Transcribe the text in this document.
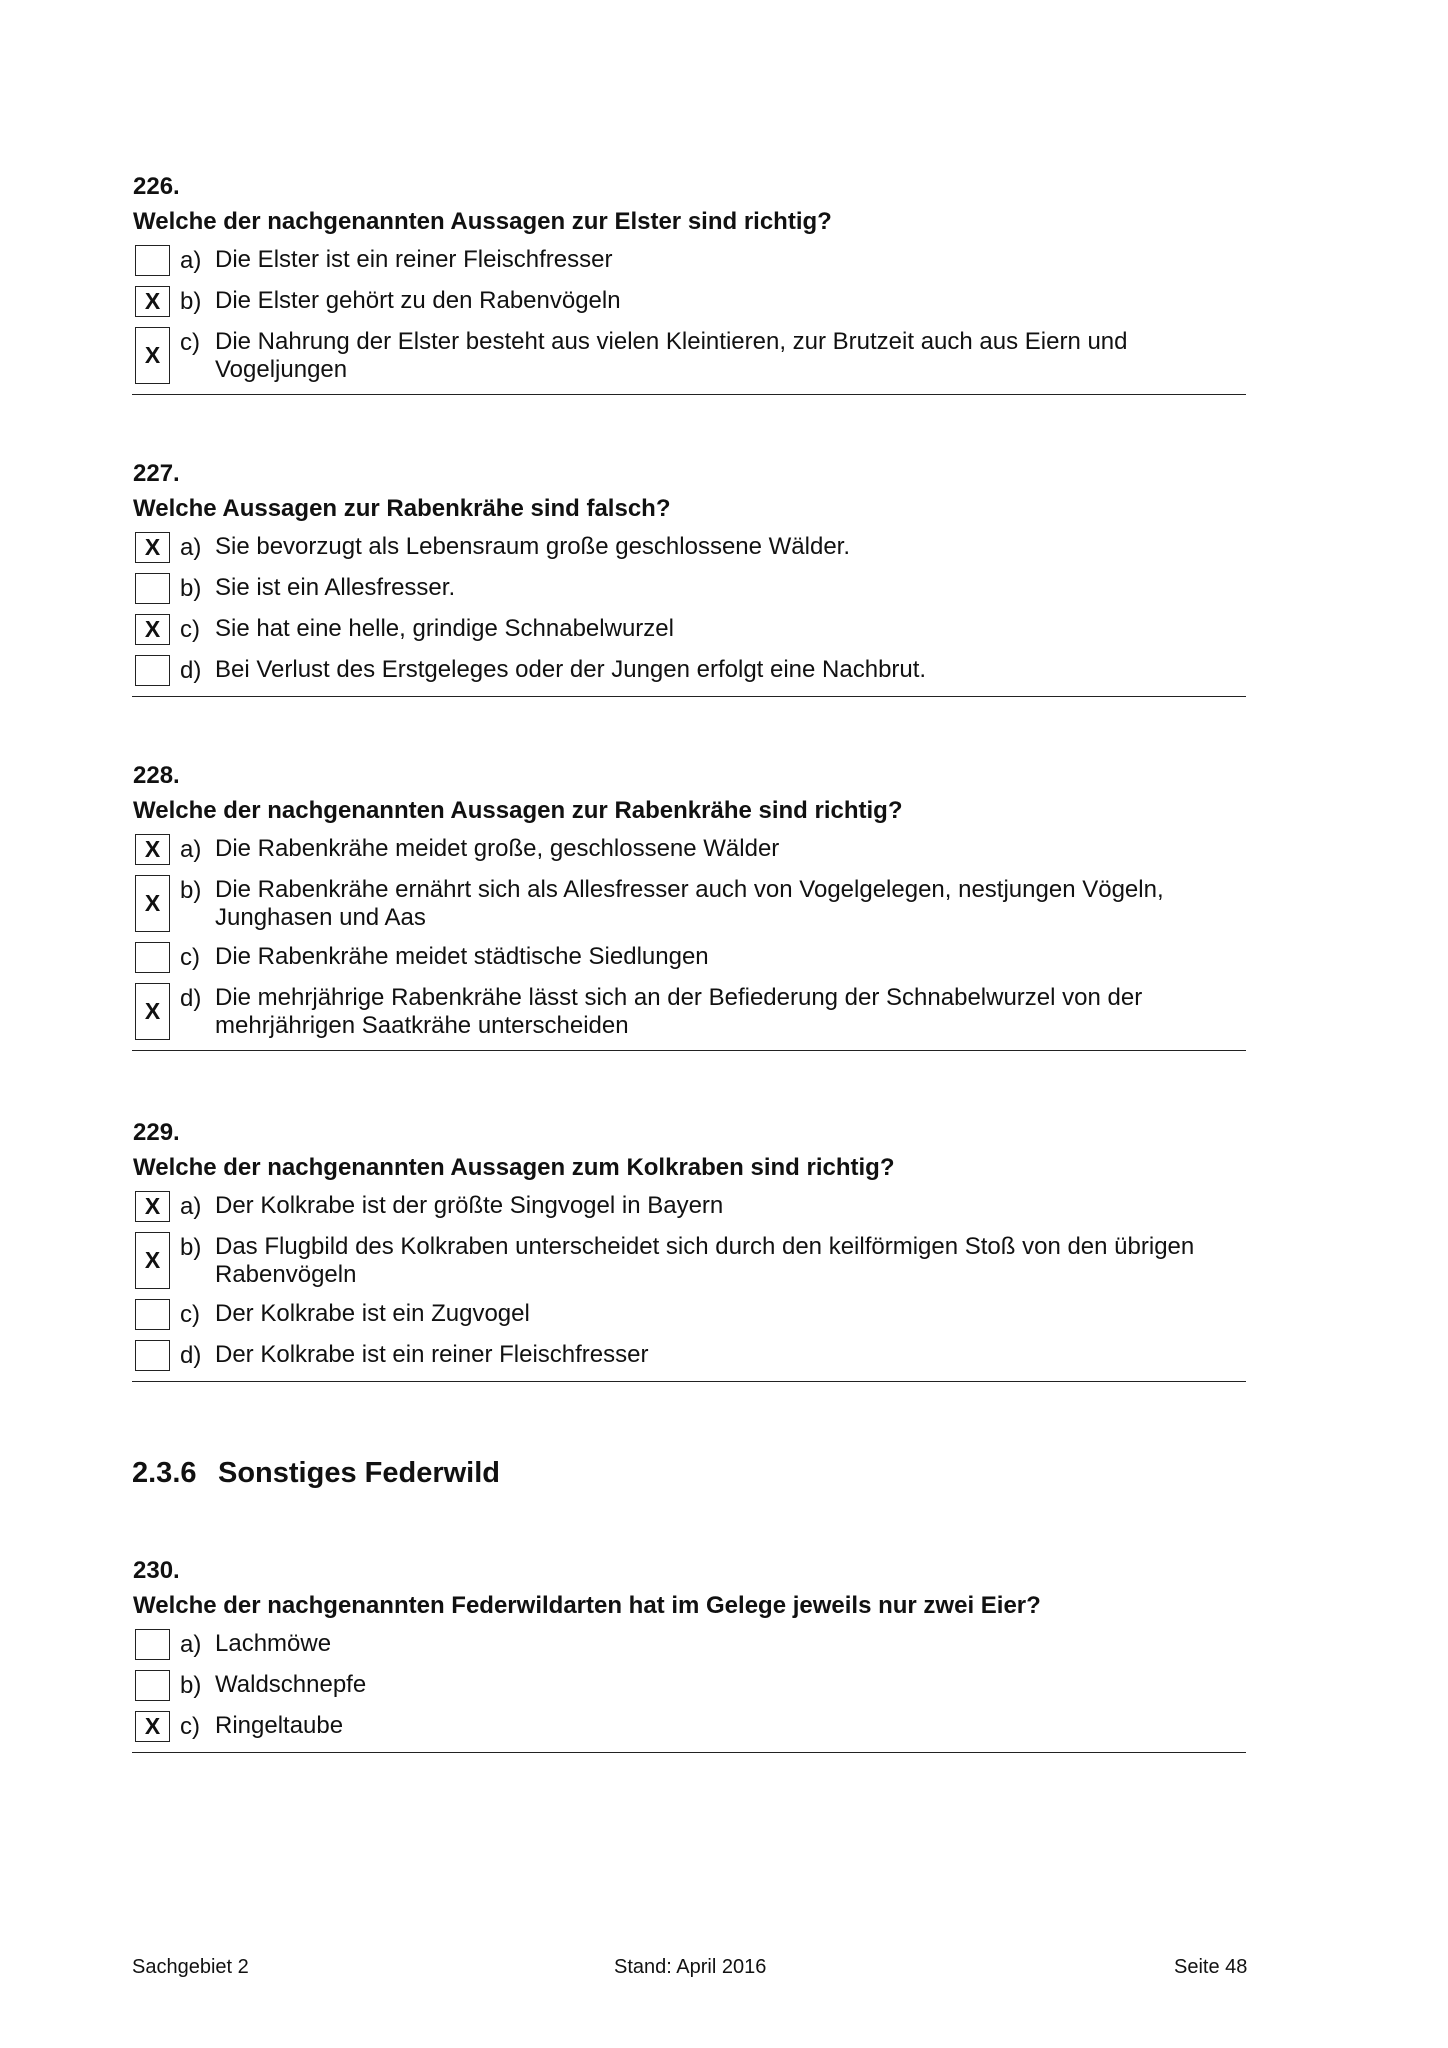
226.
Welche der nachgenannten Aussagen zur Elster sind richtig?
a) Die Elster ist ein reiner Fleischfresser
X b) Die Elster gehört zu den Rabenvögeln
X c) Die Nahrung der Elster besteht aus vielen Kleintieren, zur Brutzeit auch aus Eiern und Vogeljungen
227.
Welche Aussagen zur Rabenkrähe sind falsch?
X a) Sie bevorzugt als Lebensraum große geschlossene Wälder.
b) Sie ist ein Allesfresser.
X c) Sie hat eine helle, grindige Schnabelwurzel
d) Bei Verlust des Erstgeleges oder der Jungen erfolgt eine Nachbrut.
228.
Welche der nachgenannten Aussagen zur Rabenkrähe sind richtig?
X a) Die Rabenkrähe meidet große, geschlossene Wälder
X b) Die Rabenkrähe ernährt sich als Allesfresser auch von Vogelgelegen, nestjungen Vögeln, Junghasen und Aas
c) Die Rabenkrähe meidet städtische Siedlungen
X d) Die mehrjährige Rabenkrähe lässt sich an der Befiederung der Schnabelwurzel von der mehrjährigen Saatkrähe unterscheiden
229.
Welche der nachgenannten Aussagen zum Kolkraben sind richtig?
X a) Der Kolkrabe ist der größte Singvogel in Bayern
X b) Das Flugbild des Kolkraben unterscheidet sich durch den keilförmigen Stoß von den übrigen Rabenvögeln
c) Der Kolkrabe ist ein Zugvogel
d) Der Kolkrabe ist ein reiner Fleischfresser
2.3.6 Sonstiges Federwild
230.
Welche der nachgenannten Federwildarten hat im Gelege jeweils nur zwei Eier?
a) Lachmöwe
b) Waldschnepfe
X c) Ringeltaube
Sachgebiet 2	Stand: April 2016	Seite 48
